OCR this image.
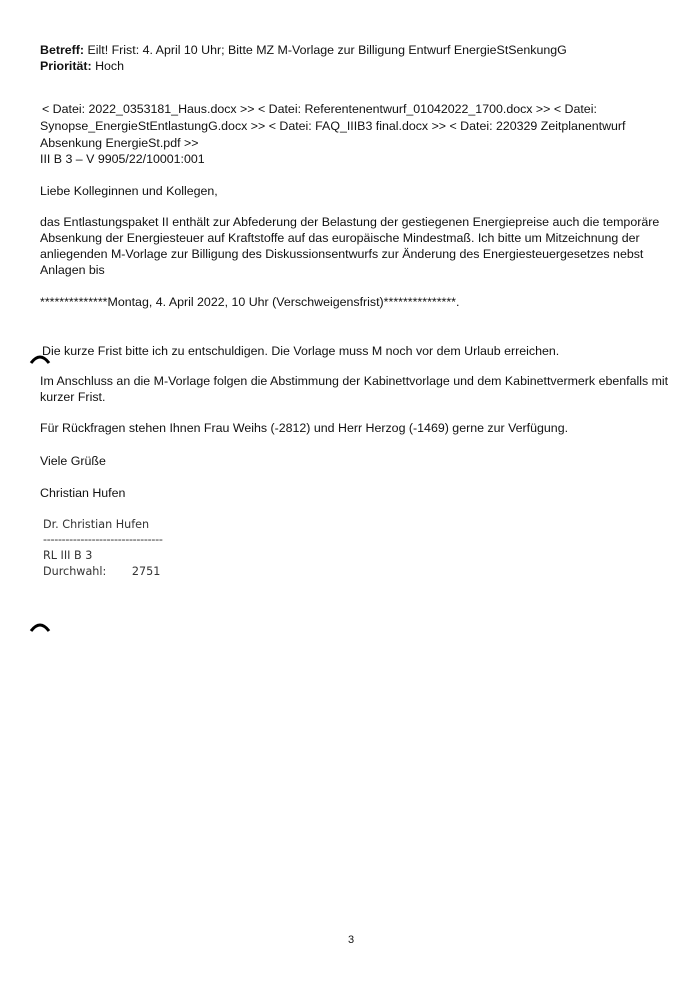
Betreff: Eilt! Frist: 4. April 10 Uhr; Bitte MZ M-Vorlage zur Billigung Entwurf EnergieStSenkungG
Priorität: Hoch
< Datei: 2022_0353181_Haus.docx >> < Datei: Referentenentwurf_01042022_1700.docx >> < Datei:
Synopse_EnergieStEntlastungG.docx >> < Datei: FAQ_IIIB3 final.docx >> < Datei: 220329 Zeitplanentwurf
Absenkung EnergieSt.pdf >>
III B 3 – V 9905/22/10001:001
Liebe Kolleginnen und Kollegen,
das Entlastungspaket II enthält zur Abfederung der Belastung der gestiegenen Energiepreise auch die temporäre
Absenkung der Energiesteuer auf Kraftstoffe auf das europäische Mindestmaß. Ich bitte um Mitzeichnung der
anliegenden M-Vorlage zur Billigung des Diskussionsentwurfs zur Änderung des Energiesteuergesetzes nebst
Anlagen bis
**************Montag, 4. April 2022, 10 Uhr (Verschweigensfrist)***************.
Die kurze Frist bitte ich zu entschuldigen. Die Vorlage muss M noch vor dem Urlaub erreichen.
Im Anschluss an die M-Vorlage folgen die Abstimmung der Kabinettvorlage und dem Kabinettvermerk ebenfalls mit
kurzer Frist.
Für Rückfragen stehen Ihnen Frau Weihs (-2812) und Herr Herzog (-1469) gerne zur Verfügung.
Viele Grüße
Christian Hufen
Dr. Christian Hufen
--------------------------------
RL III B 3
Durchwahl: 2751
3
